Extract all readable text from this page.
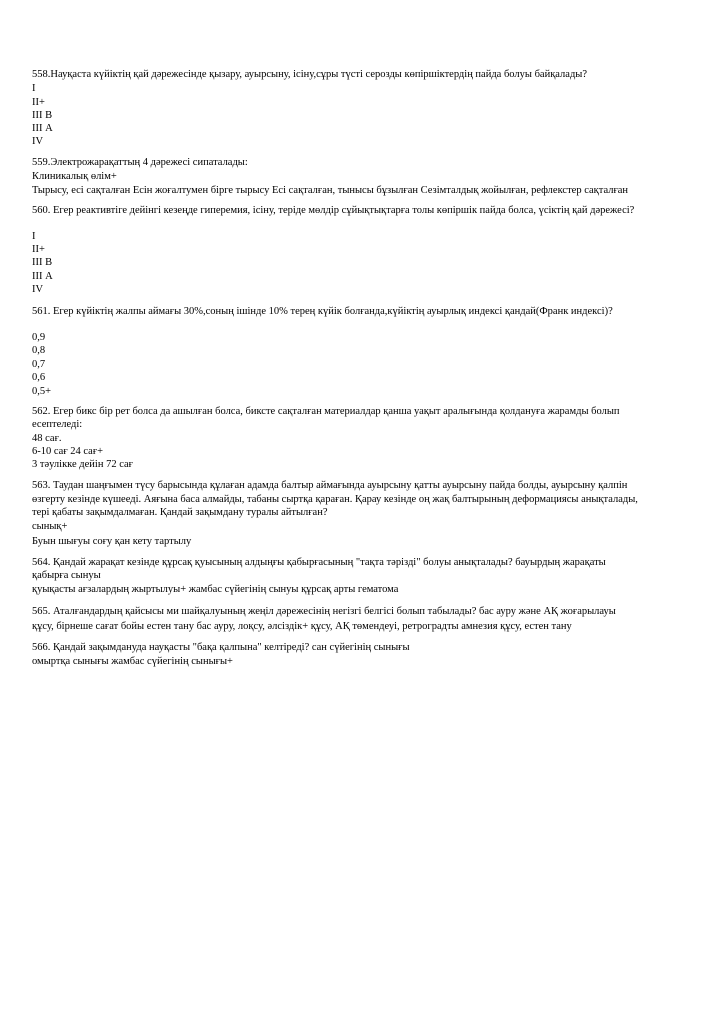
558.Науқаста күйіктің қай дәрежесінде қызару, ауырсыну, ісіну,сұры түсті серозды көпіршіктердің пайда болуы байқалады?
I
II+
III В
III А
IV
559.Электрожарақаттың 4 дәрежесі сипаталады:
Клиникалық өлім+
Тырысу, есі сақталған Есін жоғалтумен бірге тырысу Есі сақталған, тынысы бұзылған Сезімталдық жойылған, рефлекстер сақталған
560. Егер реактивтіге дейінгі кезеңде гиперемия, ісіну, теріде мөлдір сұйықтықтарға толы көпіршік пайда болса, үсіктің қай дәрежесі?
I
II+
III В
III А
IV
561. Егер күйіктің жалпы аймағы 30%,соның ішінде 10% терең күйік болғанда,күйіктің ауырлық индексі қандай(Франк индексі)?
0,9
0,8
0,7
0,6
0,5+
562. Егер бикс бір рет болса да ашылған болса, биксте сақталған материалдар қанша уақыт аралығында қолдануға жарамды болып
есептеледі:
48 сағ.
6-10 сағ 24 сағ+
3 тәулікке дейін 72 сағ
563. Таудан шаңғымен түсу барысында құлаған адамда балтыр аймағында ауырсыну қатты ауырсыну пайда болды, ауырсыну қалпін
өзгерту кезінде күшееді. Аяғына баса алмайды, табаны сыртқа қараған. Қарау кезінде оң жақ балтырының деформациясы анықталады,
тері қабаты зақымдалмаған. Қандай зақымдану туралы айтылған?
сынық+
Буын шығуы соғу қан кету тартылу
564. Қандай жарақат кезінде құрсақ қуысының алдыңғы қабырғасының "тақта тәрізді" болуы анықталады? бауырдың жарақаты
қабырға сынуы
қуықасты ағзалардың жыртылуы+ жамбас сүйегінің сынуы құрсақ арты гематома
565. Аталғандардың қайсысы ми шайқалуының жеңіл дәрежесінің негізгі белгісі болып табылады? бас ауру және АҚ жоғарылауы
құсу, бірнеше сағат бойы естен тану бас ауру, лоқсу, әлсіздік+ құсу, АҚ төмендеуі, ретроградты амнезия құсу, естен тану
566. Қандай зақымдануда науқасты "бақа қалпына" келтіреді? сан сүйегінің сынығы
омыртқа сынығы жамбас сүйегінің сынығы+
